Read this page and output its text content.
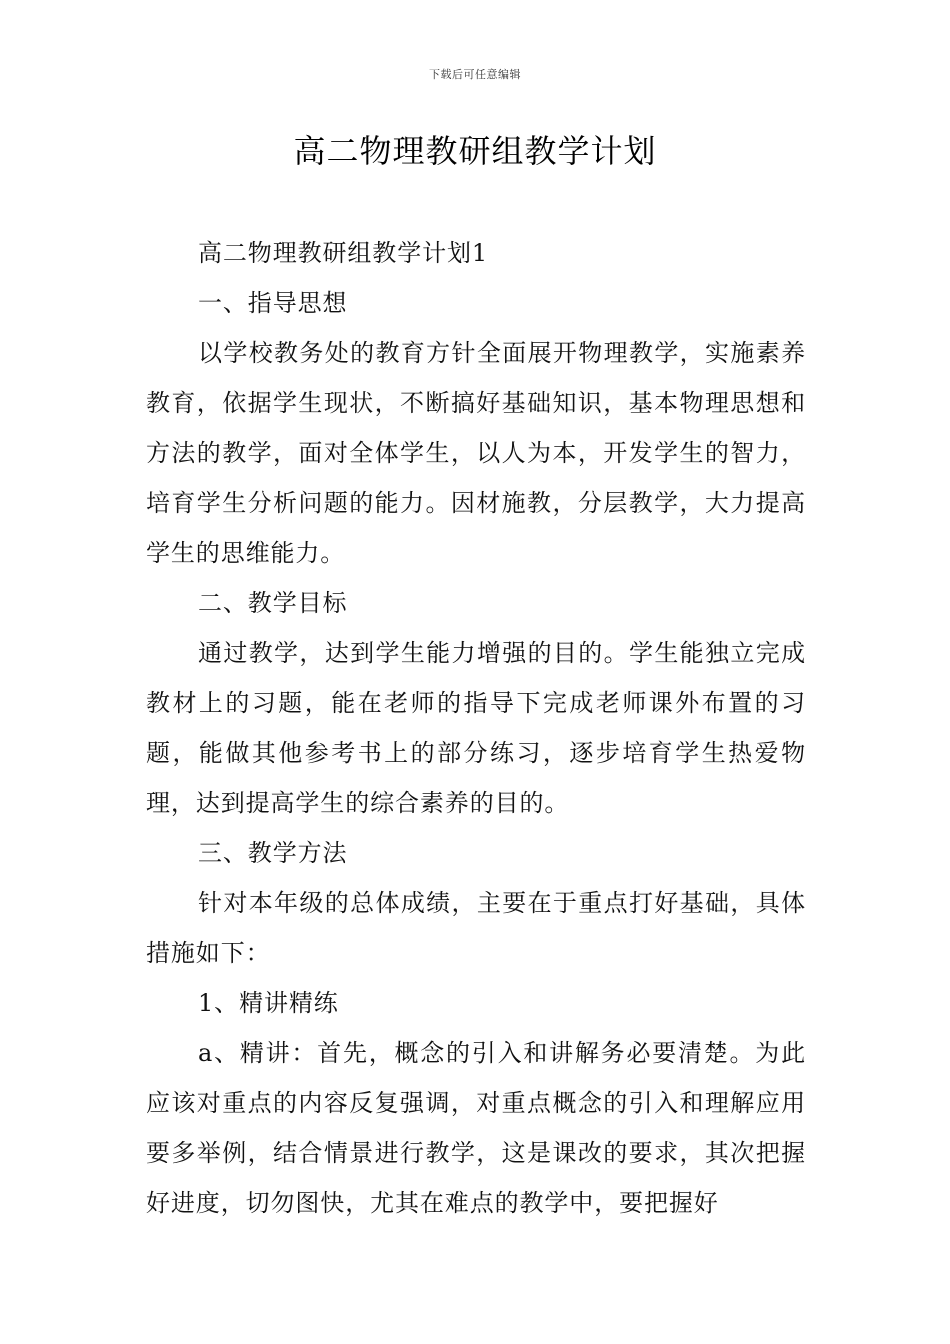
下载后可任意编辑
高二物理教研组教学计划

高二物理教研组教学计划1

一、指导思想

以学校教务处的教育方针全面展开物理教学，实施素养教育，依据学生现状，不断搞好基础知识，基本物理思想和方法的教学，面对全体学生，以人为本，开发学生的智力，培育学生分析问题的能力。因材施教，分层教学，大力提高学生的思维能力。

二、教学目标

通过教学，达到学生能力增强的目的。学生能独立完成教材上的习题，能在老师的指导下完成老师课外布置的习题，能做其他参考书上的部分练习，逐步培育学生热爱物理，达到提高学生的综合素养的目的。

三、教学方法

针对本年级的总体成绩，主要在于重点打好基础，具体措施如下：

1、精讲精练

a、精讲：首先，概念的引入和讲解务必要清楚。为此应该对重点的内容反复强调，对重点概念的引入和理解应用要多举例，结合情景进行教学，这是课改的要求，其次把握好进度，切勿图快，尤其在难点的教学中，要把握好
